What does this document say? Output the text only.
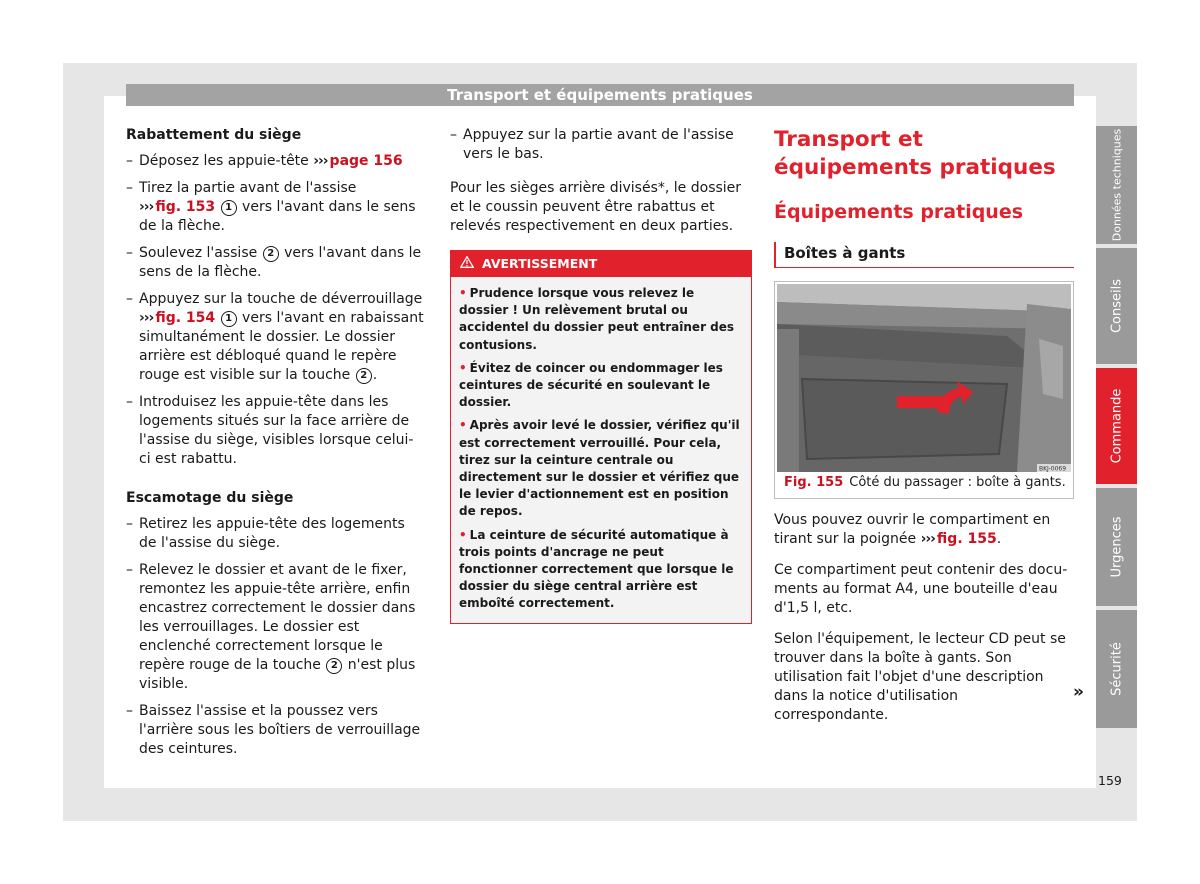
Transport et équipements pratiques
Rabattement du siège
– Déposez les appuie-tête ››› page 156
– Tirez la partie avant de l'assise
››› fig. 153 1 vers l'avant dans le sens de la flèche.
– Soulevez l'assise 2 vers l'avant dans le sens de la flèche.
– Appuyez sur la touche de déverrouillage
››› fig. 154 1 vers l'avant en rabaissant simultanément le dossier. Le dossier arrière est débloqué quand le repère rouge est visible sur la touche 2 .
– Introduisez les appuie-tête dans les logements situés sur la face arrière de l'assise du siège, visibles lorsque celui-ci est rabattu.
Escamotage du siège
– Retirez les appuie-tête des logements de l'assise du siège.
– Relevez le dossier et avant de le fixer, remontez les appuie-tête arrière, enfin encastrez correctement le dossier dans les verrouillages. Le dossier est enclenché correctement lorsque le repère rouge de la touche 2 n'est plus visible.
– Baissez l'assise et la poussez vers l'arrière sous les boîtiers de verrouillage des ceintures.
– Appuyez sur la partie avant de l'assise vers le bas.
Pour les sièges arrière divisés*, le dossier et le coussin peuvent être rabattus et relevés respectivement en deux parties.
AVERTISSEMENT

• Prudence lorsque vous relevez le dossier ! Un relèvement brutal ou accidentel du dossier peut entraîner des contusions.

• Évitez de coincer ou endommager les ceintures de sécurité en soulevant le dossier.

• Après avoir levé le dossier, vérifiez qu'il est correctement verrouillé. Pour cela, tirez sur la ceinture centrale ou directement sur le dossier et vérifiez que le levier d'actionnement est en position de repos.

• La ceinture de sécurité automatique à trois points d'ancrage ne peut fonctionner correctement que lorsque le dossier du siège central arrière est emboîté correctement.

Transport et équipements pratiques
Équipements pratiques
Boîtes à gants
BKJ-0069
Fig. 155 Côté du passager : boîte à gants.
Vous pouvez ouvrir le compartiment en tirant sur la poignée ››› fig. 155.
Ce compartiment peut contenir des documents au format A4, une bouteille d'eau d'1,5 l, etc.
Selon l'équipement, le lecteur CD peut se trouver dans la boîte à gants. Son utilisation fait l'objet d'une description dans la notice d'utilisation correspondante.
»
Données techniques
Conseils
Commande
Urgences
Sécurité
159
